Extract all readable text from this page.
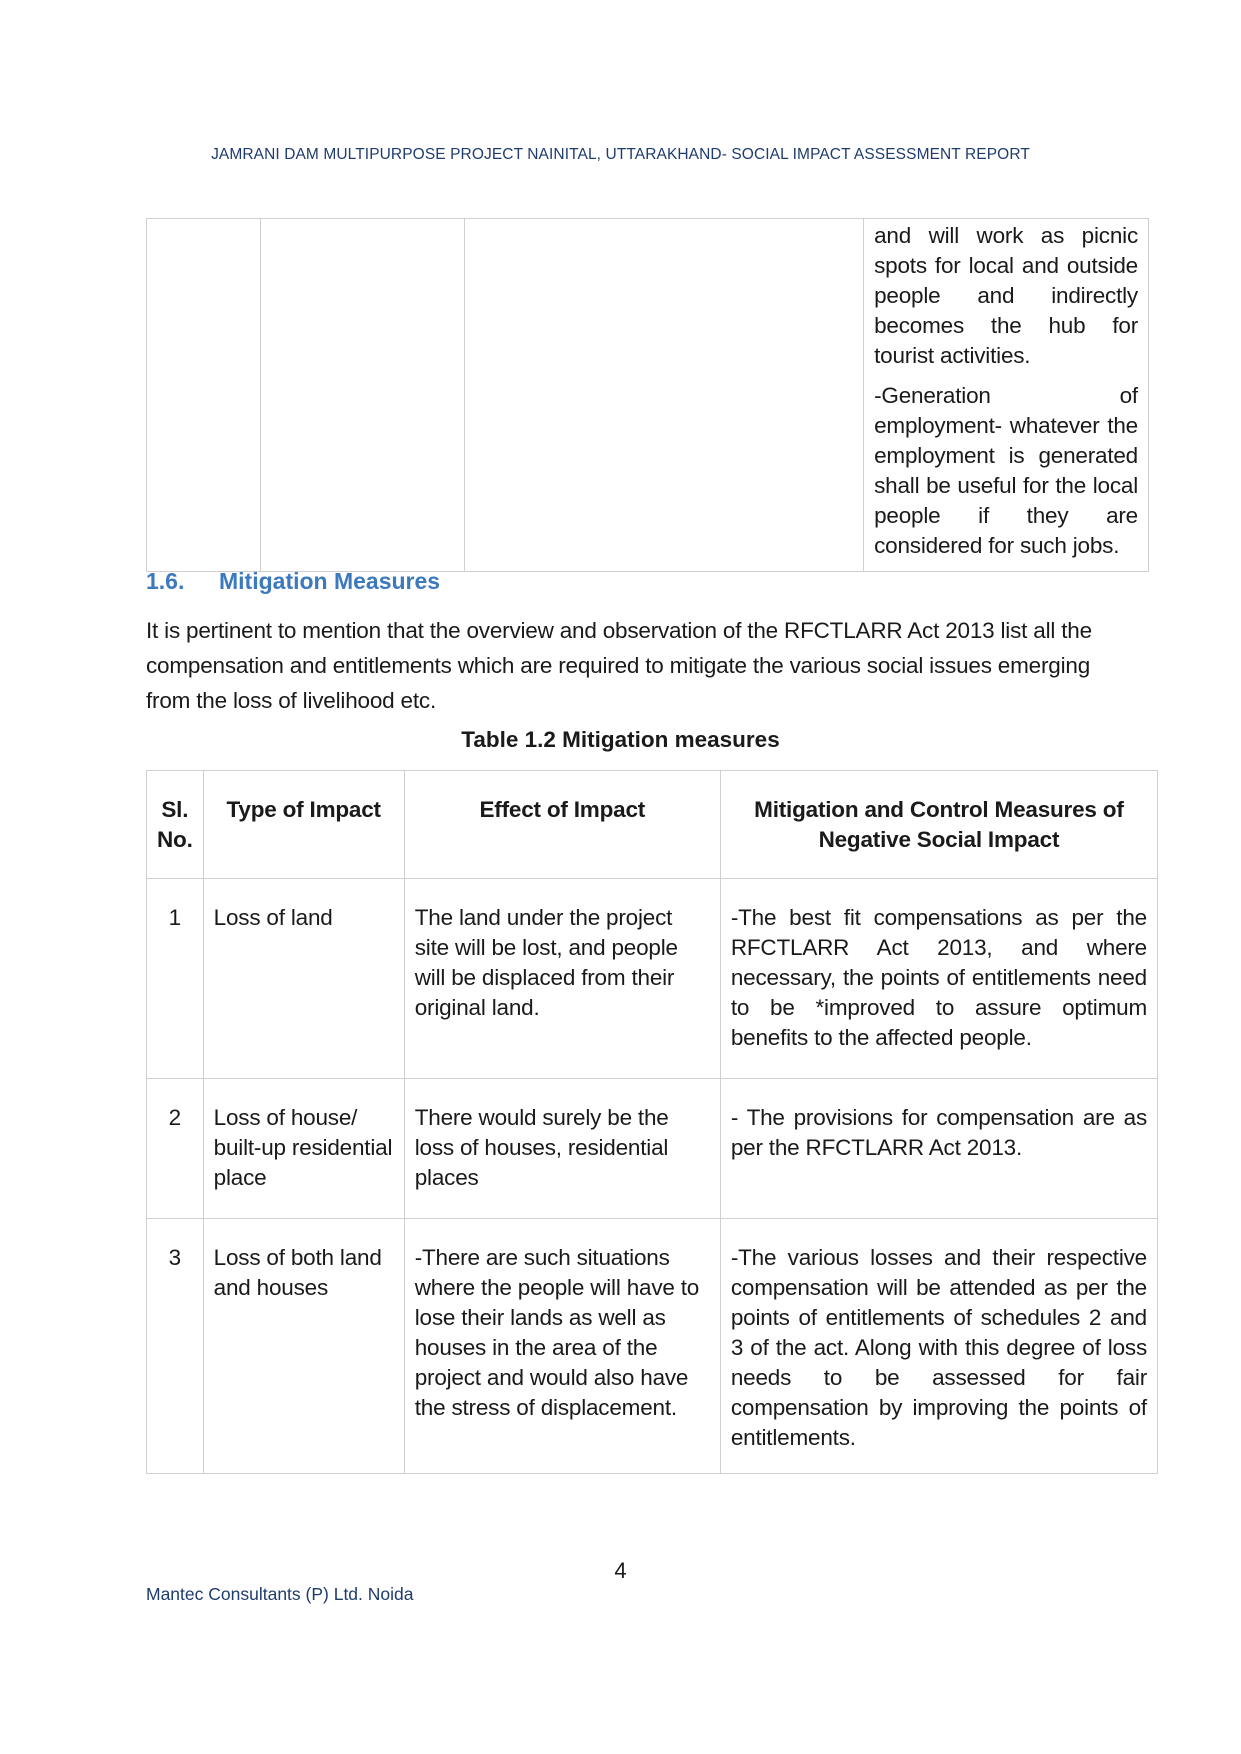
JAMRANI DAM MULTIPURPOSE PROJECT NAINITAL, UTTARAKHAND- SOCIAL IMPACT ASSESSMENT REPORT

and will work as picnic spots for local and outside people and indirectly becomes the hub for tourist activities.

-Generation of employment- whatever the employment is generated shall be useful for the local people if they are considered for such jobs.

1.6. Mitigation Measures
It is pertinent to mention that the overview and observation of the RFCTLARR Act 2013 list all the compensation and entitlements which are required to mitigate the various social issues emerging from the loss of livelihood etc.
Table 1.2 Mitigation measures
Sl. No.	Type of Impact	Effect of Impact	Mitigation and Control Measures of Negative Social Impact
1	Loss of land	The land under the project site will be lost, and people will be displaced from their original land.	-The best fit compensations as per the RFCTLARR Act 2013, and where necessary, the points of entitlements need to be *improved to assure optimum benefits to the affected people.
2	Loss of house/ built-up residential place	There would surely be the loss of houses, residential places	- The provisions for compensation are as per the RFCTLARR Act 2013.
3	Loss of both land and houses	-There are such situations where the people will have to lose their lands as well as houses in the area of the project and would also have the stress of displacement.	-The various losses and their respective compensation will be attended as per the points of entitlements of schedules 2 and 3 of the act. Along with this degree of loss needs to be assessed for fair compensation by improving the points of entitlements.
4
Mantec Consultants (P) Ltd. Noida
